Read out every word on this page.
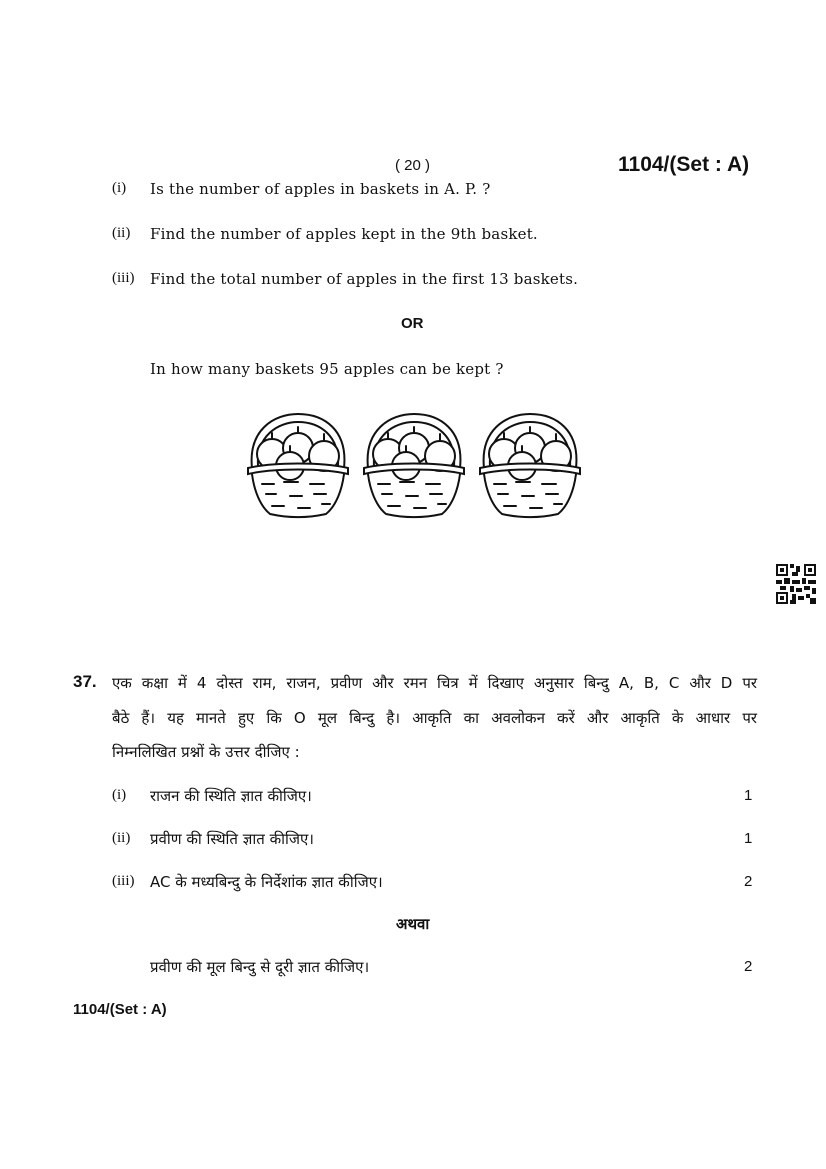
( 20 )	1104/(Set : A)
(i) Is the number of apples in baskets in A. P. ?
(ii) Find the number of apples kept in the 9th basket.
(iii) Find the total number of apples in the first 13 baskets.
OR
In how many baskets 95 apples can be kept ?
37. एक कक्षा में 4 दोस्त राम, राजन, प्रवीण और रमन चित्र में दिखाए अनुसार बिन्दु A, B, C और D पर
बैठे हैं। यह मानते हुए कि O मूल बिन्दु है। आकृति का अवलोकन करें और आकृति के आधार पर
निम्नलिखित प्रश्नों के उत्तर दीजिए :
(i) राजन की स्थिति ज्ञात कीजिए।	1
(ii) प्रवीण की स्थिति ज्ञात कीजिए।	1
(iii) AC के मध्यबिन्दु के निर्देशांक ज्ञात कीजिए।	2
अथवा
प्रवीण की मूल बिन्दु से दूरी ज्ञात कीजिए।	2
1104/(Set : A)
